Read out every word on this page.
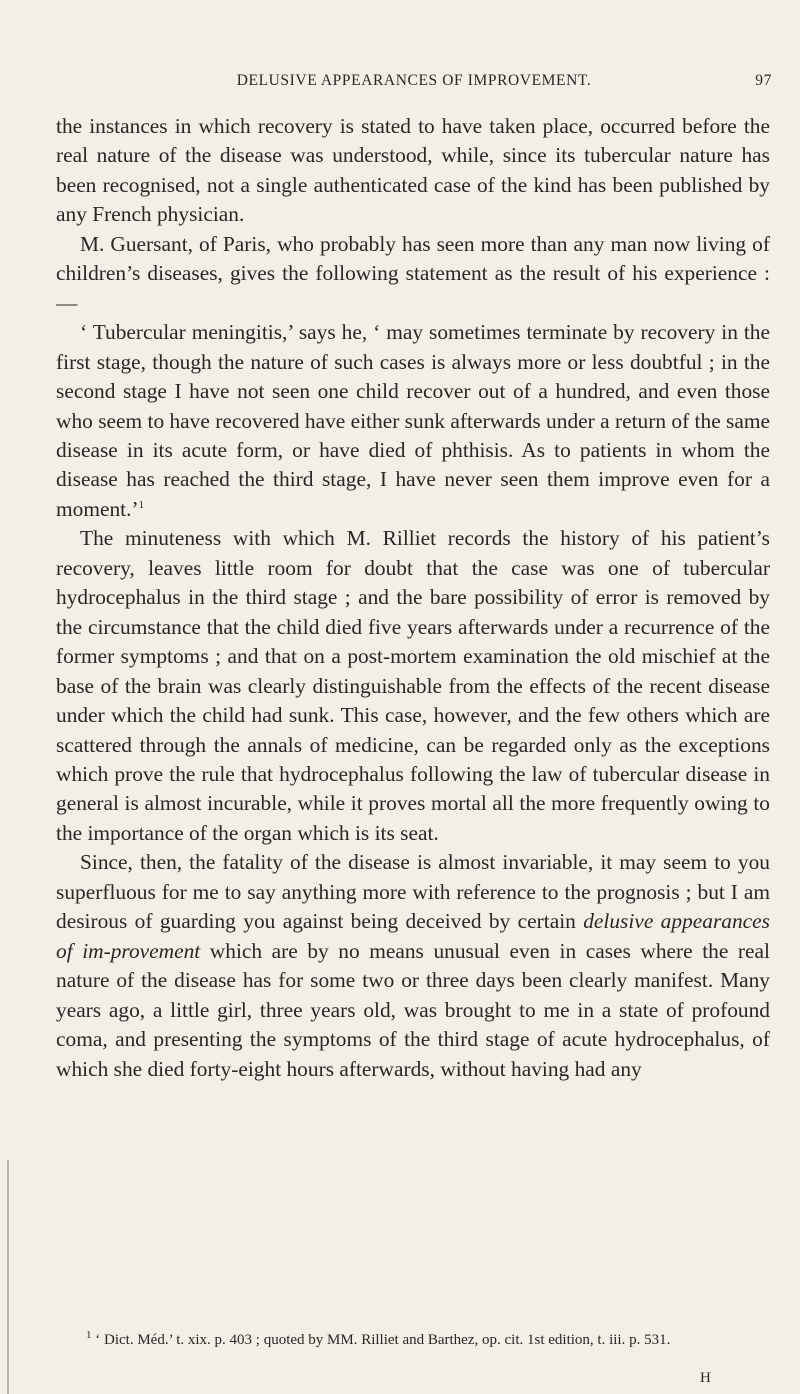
DELUSIVE APPEARANCES OF IMPROVEMENT.	97

the instances in which recovery is stated to have taken place, occurred before the real nature of the disease was understood, while, since its tubercular nature has been recognised, not a single authenticated case of the kind has been published by any French physician.

M. Guersant, of Paris, who probably has seen more than any man now living of children’s diseases, gives the following statement as the result of his experience :—

‘ Tubercular meningitis,’ says he, ‘ may sometimes terminate by recovery in the first stage, though the nature of such cases is always more or less doubtful ; in the second stage I have not seen one child recover out of a hundred, and even those who seem to have recovered have either sunk afterwards under a return of the same disease in its acute form, or have died of phthisis. As to patients in whom the disease has reached the third stage, I have never seen them improve even for a moment.’$^1$

The minuteness with which M. Rilliet records the history of his patient’s recovery, leaves little room for doubt that the case was one of tubercular hydrocephalus in the third stage ; and the bare possibility of error is removed by the circumstance that the child died five years afterwards under a recurrence of the former symptoms ; and that on a post-mortem examination the old mischief at the base of the brain was clearly distinguishable from the effects of the recent disease under which the child had sunk. This case, however, and the few others which are scattered through the annals of medicine, can be regarded only as the exceptions which prove the rule that hydrocephalus following the law of tubercular disease in general is almost incurable, while it proves mortal all the more frequently owing to the importance of the organ which is its seat.

Since, then, the fatality of the disease is almost invariable, it may seem to you superfluous for me to say anything more with reference to the prognosis ; but I am desirous of guarding you against being deceived by certain delusive appearances of im-provement which are by no means unusual even in cases where the real nature of the disease has for some two or three days been clearly manifest. Many years ago, a little girl, three years old, was brought to me in a state of profound coma, and presenting the symptoms of the third stage of acute hydrocephalus, of which she died forty-eight hours afterwards, without having had any

$^1$ ‘ Dict. Méd.’ t. xix. p. 403 ; quoted by MM. Rilliet and Barthez, op. cit. 1st edition, t. iii. p. 531.

H
